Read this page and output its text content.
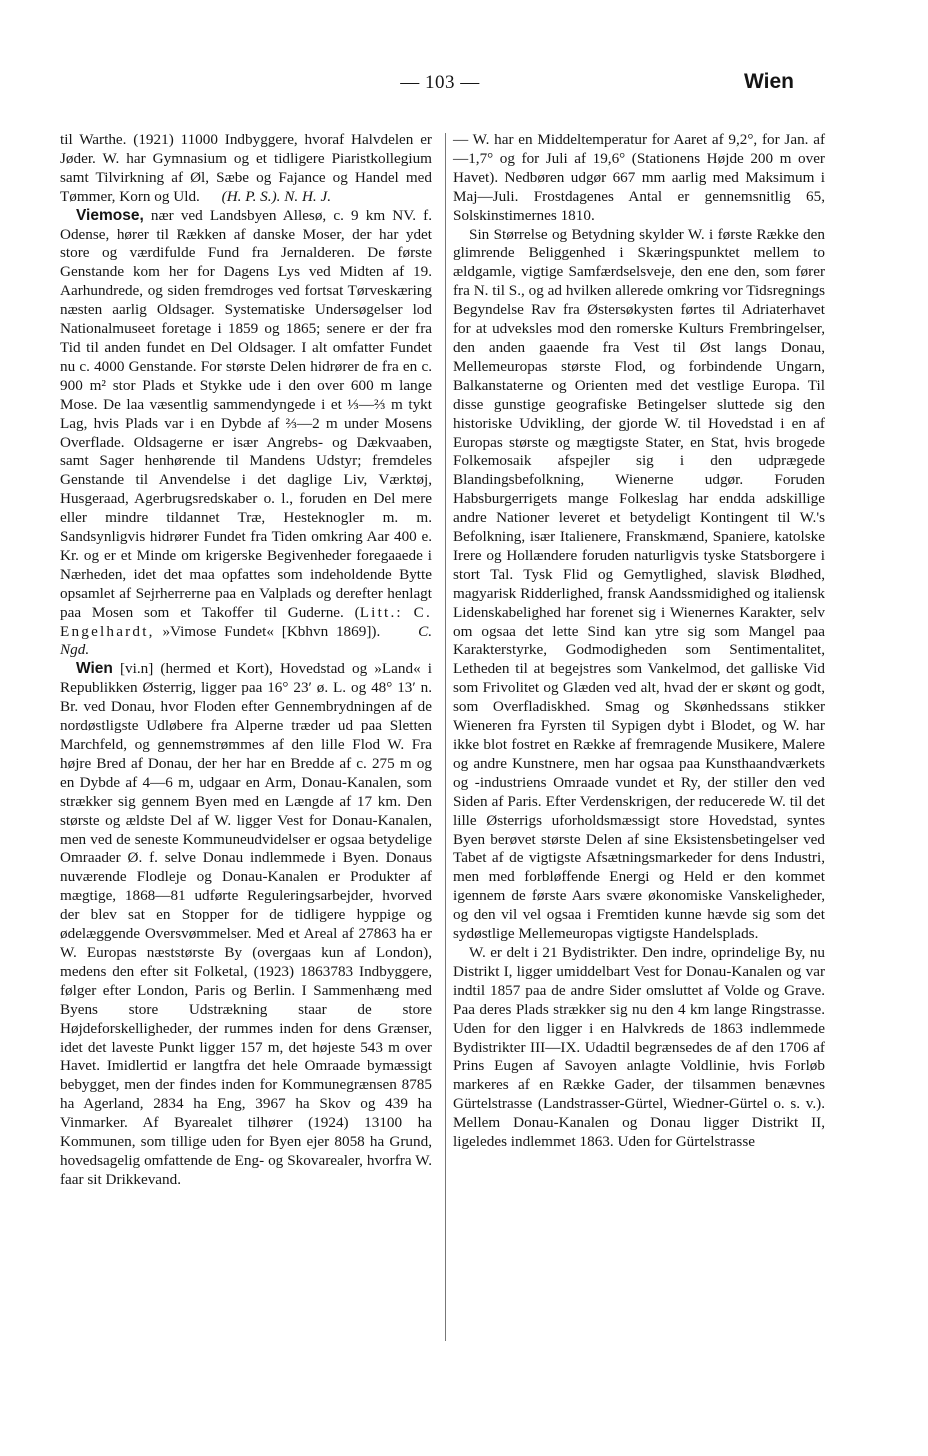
— 103 —	Wien

til Warthe. (1921) 11000 Indbyggere, hvoraf Halvdelen er Jøder. W. har Gymnasium og et tidligere Piaristkollegium samt Tilvirkning af Øl, Sæbe og Fajance og Handel med Tømmer, Korn og Uld. (H. P. S.). N. H. J.

Viemose, nær ved Landsbyen Allesø, c. 9 km NV. f. Odense, hører til Rækken af danske Moser, der har ydet store og værdifulde Fund fra Jernalderen. De første Genstande kom her for Dagens Lys ved Midten af 19. Aarhundrede, og siden fremdroges ved fortsat Tørveskæring næsten aarlig Oldsager. Systematiske Undersøgelser lod Nationalmuseet foretage i 1859 og 1865; senere er der fra Tid til anden fundet en Del Oldsager. I alt omfatter Fundet nu c. 4000 Genstande. For største Delen hidrører de fra en c. 900 m² stor Plads et Stykke ude i den over 600 m lange Mose. De laa væsentlig sammendyngede i et ⅓—⅔ m tykt Lag, hvis Plads var i en Dybde af ⅔—2 m under Mosens Overflade. Oldsagerne er især Angrebs- og Dækvaaben, samt Sager henhørende til Mandens Udstyr; fremdeles Genstande til Anvendelse i det daglige Liv, Værktøj, Husgeraad, Agerbrugsredskaber o. l., foruden en Del mere eller mindre tildannet Træ, Hesteknogler m. m. Sandsynligvis hidrører Fundet fra Tiden omkring Aar 400 e. Kr. og er et Minde om krigerske Begivenheder foregaaede i Nærheden, idet det maa opfattes som indeholdende Bytte opsamlet af Sejrherrerne paa en Valplads og derefter henlagt paa Mosen som et Takoffer til Guderne. (Litt.: C. Engelhardt, »Vimose Fundet« [Kbhvn 1869]). C. Ngd.

Wien [vi.n] (hermed et Kort), Hovedstad og »Land« i Republikken Østerrig, ligger paa 16° 23′ ø. L. og 48° 13′ n. Br. ved Donau, hvor Floden efter Gennembrydningen af de nordøstligste Udløbere fra Alperne træder ud paa Sletten Marchfeld, og gennemstrømmes af den lille Flod W. Fra højre Bred af Donau, der her har en Bredde af c. 275 m og en Dybde af 4—6 m, udgaar en Arm, Donau-Kanalen, som strækker sig gennem Byen med en Længde af 17 km. Den største og ældste Del af W. ligger Vest for Donau-Kanalen, men ved de seneste Kommuneudvidelser er ogsaa betydelige Omraader Ø. f. selve Donau indlemmede i Byen. Donaus nuværende Flodleje og Donau-Kanalen er Produkter af mægtige, 1868—81 udførte Reguleringsarbejder, hvorved der blev sat en Stopper for de tidligere hyppige og ødelæggende Oversvømmelser. Med et Areal af 27863 ha er W. Europas næststørste By (overgaas kun af London), medens den efter sit Folketal, (1923) 1863783 Indbyggere, følger efter London, Paris og Berlin. I Sammenhæng med Byens store Udstrækning staar de store Højdeforskelligheder, der rummes inden for dens Grænser, idet det laveste Punkt ligger 157 m, det højeste 543 m over Havet. Imidlertid er langtfra det hele Omraade bymæssigt bebygget, men der findes inden for Kommunegrænsen 8785 ha Agerland, 2834 ha Eng, 3967 ha Skov og 439 ha Vinmarker. Af Byarealet tilhører (1924) 13100 ha Kommunen, som tillige uden for Byen ejer 8058 ha Grund, hovedsagelig omfattende de Eng- og Skovarealer, hvorfra W. faar sit Drikkevand.

— W. har en Middeltemperatur for Aaret af 9,2°, for Jan. af —1,7° og for Juli af 19,6° (Stationens Højde 200 m over Havet). Nedbøren udgør 667 mm aarlig med Maksimum i Maj—Juli. Frostdagenes Antal er gennemsnitlig 65, Solskinstimernes 1810.

Sin Størrelse og Betydning skylder W. i første Række den glimrende Beliggenhed i Skæringspunktet mellem to ældgamle, vigtige Samfærdselsveje, den ene den, som fører fra N. til S., og ad hvilken allerede omkring vor Tidsregnings Begyndelse Rav fra Østersøkysten førtes til Adriaterhavet for at udveksles mod den romerske Kulturs Frembringelser, den anden gaaende fra Vest til Øst langs Donau, Mellemeuropas største Flod, og forbindende Ungarn, Balkanstaterne og Orienten med det vestlige Europa. Til disse gunstige geografiske Betingelser sluttede sig den historiske Udvikling, der gjorde W. til Hovedstad i en af Europas største og mægtigste Stater, en Stat, hvis brogede Folkemosaik afspejler sig i den udprægede Blandingsbefolkning, Wienerne udgør. Foruden Habsburgerrigets mange Folkeslag har endda adskillige andre Nationer leveret et betydeligt Kontingent til W.'s Befolkning, især Italienere, Franskmænd, Spaniere, katolske Irere og Hollændere foruden naturligvis tyske Statsborgere i stort Tal. Tysk Flid og Gemytlighed, slavisk Blødhed, magyarisk Ridderlighed, fransk Aandssmidighed og italiensk Lidenskabelighed har forenet sig i Wienernes Karakter, selv om ogsaa det lette Sind kan ytre sig som Mangel paa Karakterstyrke, Godmodigheden som Sentimentalitet, Letheden til at begejstres som Vankelmod, det galliske Vid som Frivolitet og Glæden ved alt, hvad der er skønt og godt, som Overfladiskhed. Smag og Skønhedssans stikker Wieneren fra Fyrsten til Sypigen dybt i Blodet, og W. har ikke blot fostret en Række af fremragende Musikere, Malere og andre Kunstnere, men har ogsaa paa Kunsthaandværkets og -industriens Omraade vundet et Ry, der stiller den ved Siden af Paris. Efter Verdenskrigen, der reducerede W. til det lille Østerrigs uforholdsmæssigt store Hovedstad, syntes Byen berøvet største Delen af sine Eksistensbetingelser ved Tabet af de vigtigste Afsætningsmarkeder for dens Industri, men med forbløffende Energi og Held er den kommet igennem de første Aars svære økonomiske Vanskeligheder, og den vil vel ogsaa i Fremtiden kunne hævde sig som det sydøstlige Mellemeuropas vigtigste Handelsplads.

W. er delt i 21 Bydistrikter. Den indre, oprindelige By, nu Distrikt I, ligger umiddelbart Vest for Donau-Kanalen og var indtil 1857 paa de andre Sider omsluttet af Volde og Grave. Paa deres Plads strækker sig nu den 4 km lange Ringstrasse. Uden for den ligger i en Halvkreds de 1863 indlemmede Bydistrikter III—IX. Udadtil begrænsedes de af den 1706 af Prins Eugen af Savoyen anlagte Voldlinie, hvis Forløb markeres af en Række Gader, der tilsammen benævnes Gürtelstrasse (Landstrasser-Gürtel, Wiedner-Gürtel o. s. v.). Mellem Donau-Kanalen og Donau ligger Distrikt II, ligeledes indlemmet 1863. Uden for Gürtelstrasse
